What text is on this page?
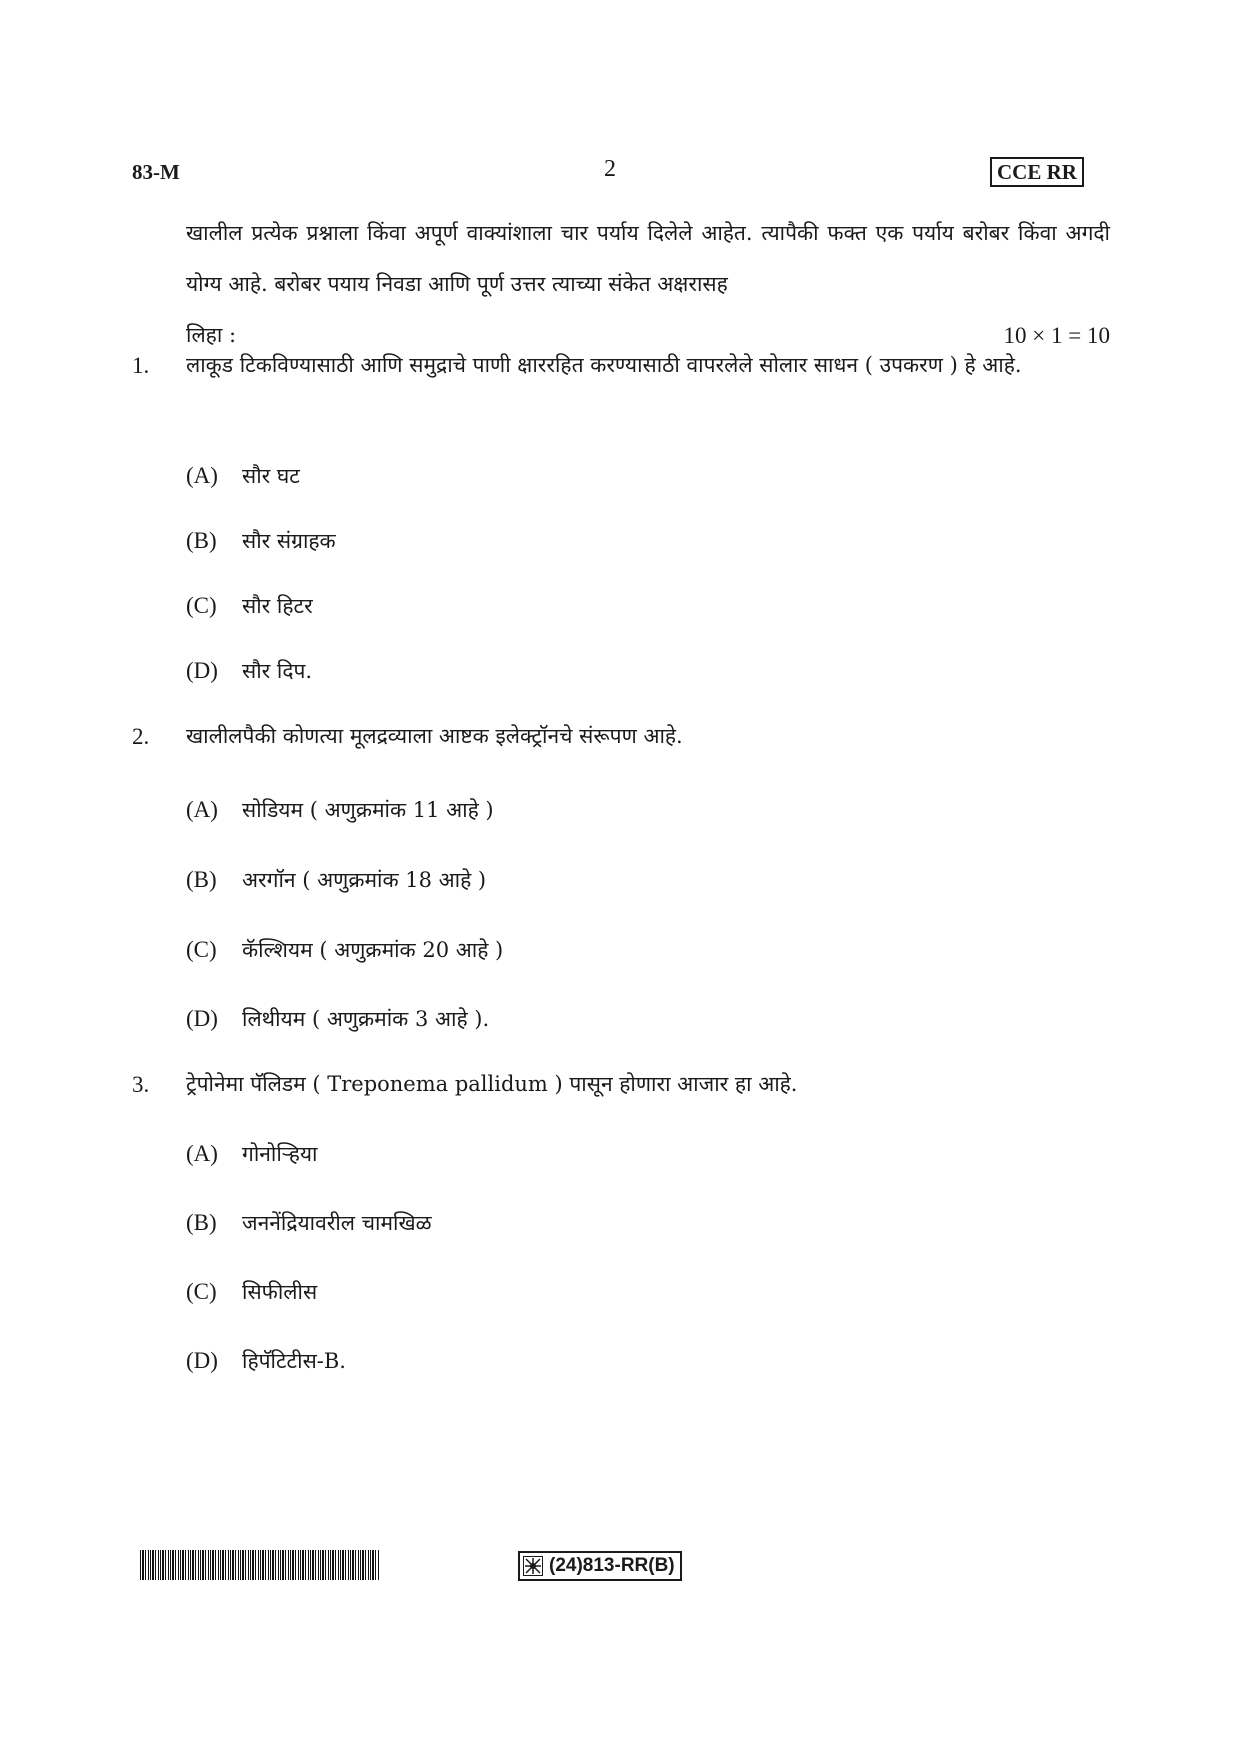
83-M	2	CCE RR
खालील प्रत्येक प्रश्नाला किंवा अपूर्ण वाक्यांशाला चार पर्याय दिलेले आहेत. त्यापैकी फक्त एक पर्याय बरोबर किंवा अगदी योग्य आहे. बरोबर पयाय निवडा आणि पूर्ण उत्तर त्याच्या संकेत अक्षरासह
लिहा :	10 × 1 = 10
1.	लाकूड टिकविण्यासाठी आणि समुद्राचे पाणी क्षाररहित करण्यासाठी वापरलेले सोलार साधन ( उपकरण ) हे आहे.
(A) सौर घट
(B) सौर संग्राहक
(C) सौर हिटर
(D) सौर दिप.
2.	खालीलपैकी कोणत्या मूलद्रव्याला आष्टक इलेक्ट्रॉनचे संरूपण आहे.
(A) सोडियम ( अणुक्रमांक 11 आहे )
(B) अरगॉन ( अणुक्रमांक 18 आहे )
(C) कॅल्शियम ( अणुक्रमांक 20 आहे )
(D) लिथीयम ( अणुक्रमांक 3 आहे ).
3.	ट्रेपोनेमा पॅलिडम ( Treponema pallidum ) पासून होणारा आजार हा आहे.
(A) गोनोऱ्हिया
(B) जननेंद्रियावरील चामखिळ
(C) सिफीलीस
(D) हिपॅटिटीस-B.
(24)813-RR(B)
